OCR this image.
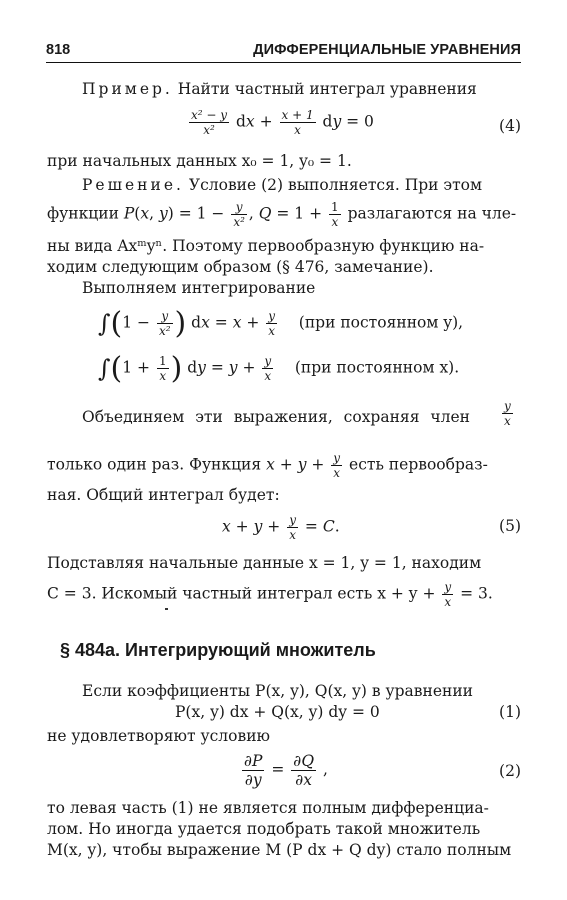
818	ДИФФЕРЕНЦИАЛЬНЫЕ УРАВНЕНИЯ
Пример. Найти частный интеграл уравнения
$\frac{\text{x² − y}}{\text{x²}}$ dx + $\frac{x + 1}{x}$ dy = 0	(4)
при начальных данных x₀ = 1, y₀ = 1.
Решение. Условие (2) выполняется. При этом
функции P(x, $y) = 1 - \frac{y}{\text{x²}}$ , $Q = 1 + \frac{1}{x}$ разлагаются на чле-
ны вида Axᵐyⁿ. Поэтому первообразную функцию на-
ходим следующим образом (§ 476, замечание).
Выполняем интегрирование
$\int(1 - \frac{y}{\text{x²}}$ ) dx = $x + \frac{y}{x} (при$ постоянном y),
$\int(1 + \frac{1}{x}$ ) dy = $y + \frac{y}{x} (при$ постоянном x).
Объединяем эти выражения, сохраняя член	$\frac{y}{x}$
только один раз. Функция $x + y + \frac{y}{x}$ есть первообраз-
ная. Общий интеграл будет:
$x + y + \frac{y}{x} = C$.	(5)
Подставляя начальные данные x = 1, y = 1, находим
C = 3. Искомый частный интеграл есть $x + y + \frac{y}{x} = 3$.
§ 484а. Интегрирующий множитель
Если коэффициенты P(x, y), Q(x, y) в уравнении
P(x, y) dx + Q(x, y) dy = 0	(1)
не удовлетворяют условию
$\frac{\partial P}{\partial y} = \frac{\partial Q}{\partial x}$ ,	(2)
то левая часть (1) не является полным дифференциа-
лом. Но иногда удается подобрать такой множитель
M(x, y), чтобы выражение M (P dx + Q dy) стало полным
